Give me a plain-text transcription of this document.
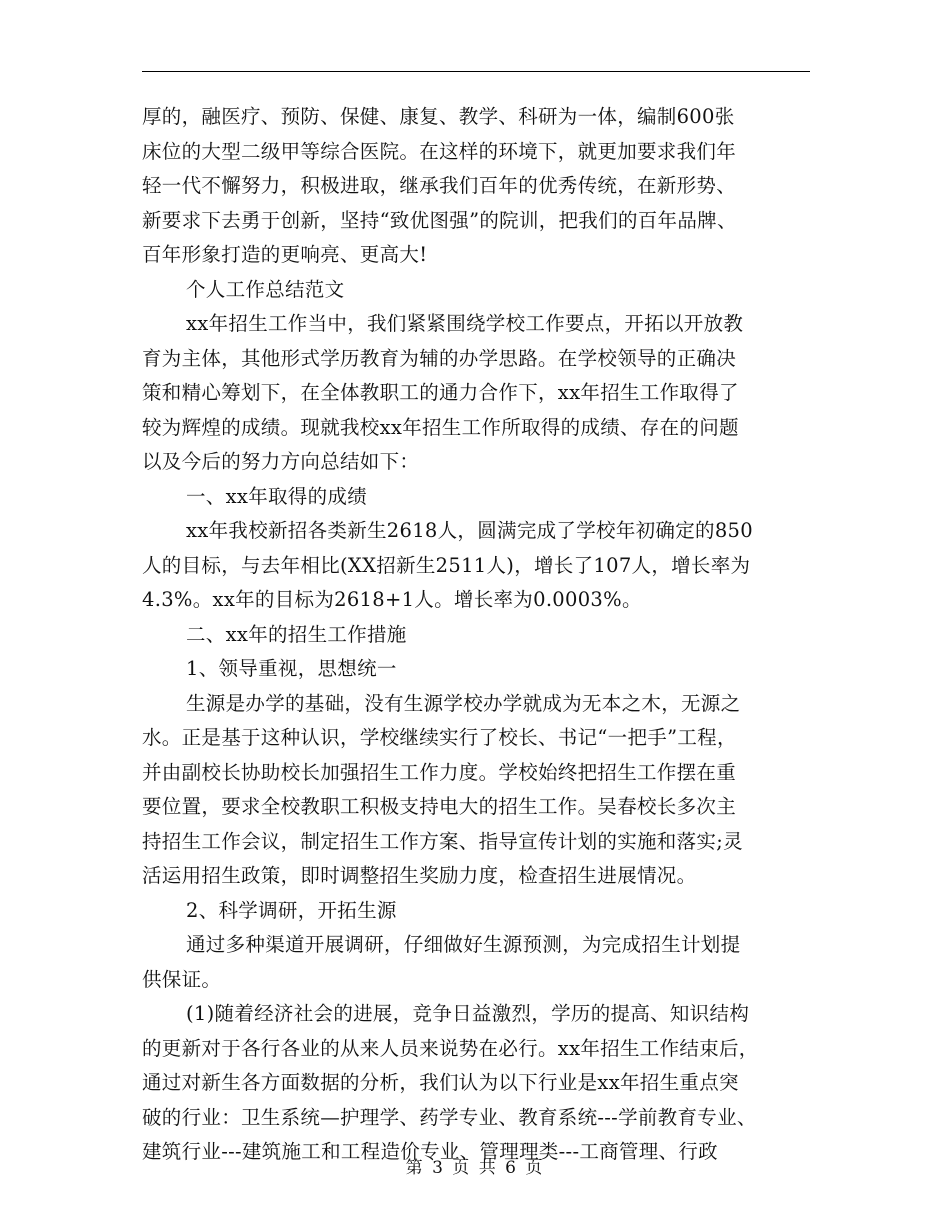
厚的，融医疗、预防、保健、康复、教学、科研为一体，编制600张
床位的大型二级甲等综合医院。在这样的环境下，就更加要求我们年
轻一代不懈努力，积极进取，继承我们百年的优秀传统，在新形势、
新要求下去勇于创新，坚持“致优图强”的院训，把我们的百年品牌、
百年形象打造的更响亮、更高大!
个人工作总结范文
xx年招生工作当中，我们紧紧围绕学校工作要点，开拓以开放教
育为主体，其他形式学历教育为辅的办学思路。在学校领导的正确决
策和精心筹划下，在全体教职工的通力合作下，xx年招生工作取得了
较为辉煌的成绩。现就我校xx年招生工作所取得的成绩、存在的问题
以及今后的努力方向总结如下：
一、xx年取得的成绩
xx年我校新招各类新生2618人，圆满完成了学校年初确定的850
人的目标，与去年相比(XX招新生2511人)，增长了107人，增长率为
4.3%。xx年的目标为2618+1人。增长率为0.0003%。
二、xx年的招生工作措施
1、领导重视，思想统一
生源是办学的基础，没有生源学校办学就成为无本之木，无源之
水。正是基于这种认识，学校继续实行了校长、书记“一把手”工程，
并由副校长协助校长加强招生工作力度。学校始终把招生工作摆在重
要位置，要求全校教职工积极支持电大的招生工作。吴春校长多次主
持招生工作会议，制定招生工作方案、指导宣传计划的实施和落实;灵
活运用招生政策，即时调整招生奖励力度，检查招生进展情况。
2、科学调研，开拓生源
通过多种渠道开展调研，仔细做好生源预测，为完成招生计划提
供保证。
(1)随着经济社会的进展，竞争日益激烈，学历的提高、知识结构
的更新对于各行各业的从来人员来说势在必行。xx年招生工作结束后，
通过对新生各方面数据的分析，我们认为以下行业是xx年招生重点突
破的行业：卫生系统—护理学、药学专业、教育系统---学前教育专业、
建筑行业---建筑施工和工程造价专业、管理理类---工商管理、行政
第 3 页 共 6 页
